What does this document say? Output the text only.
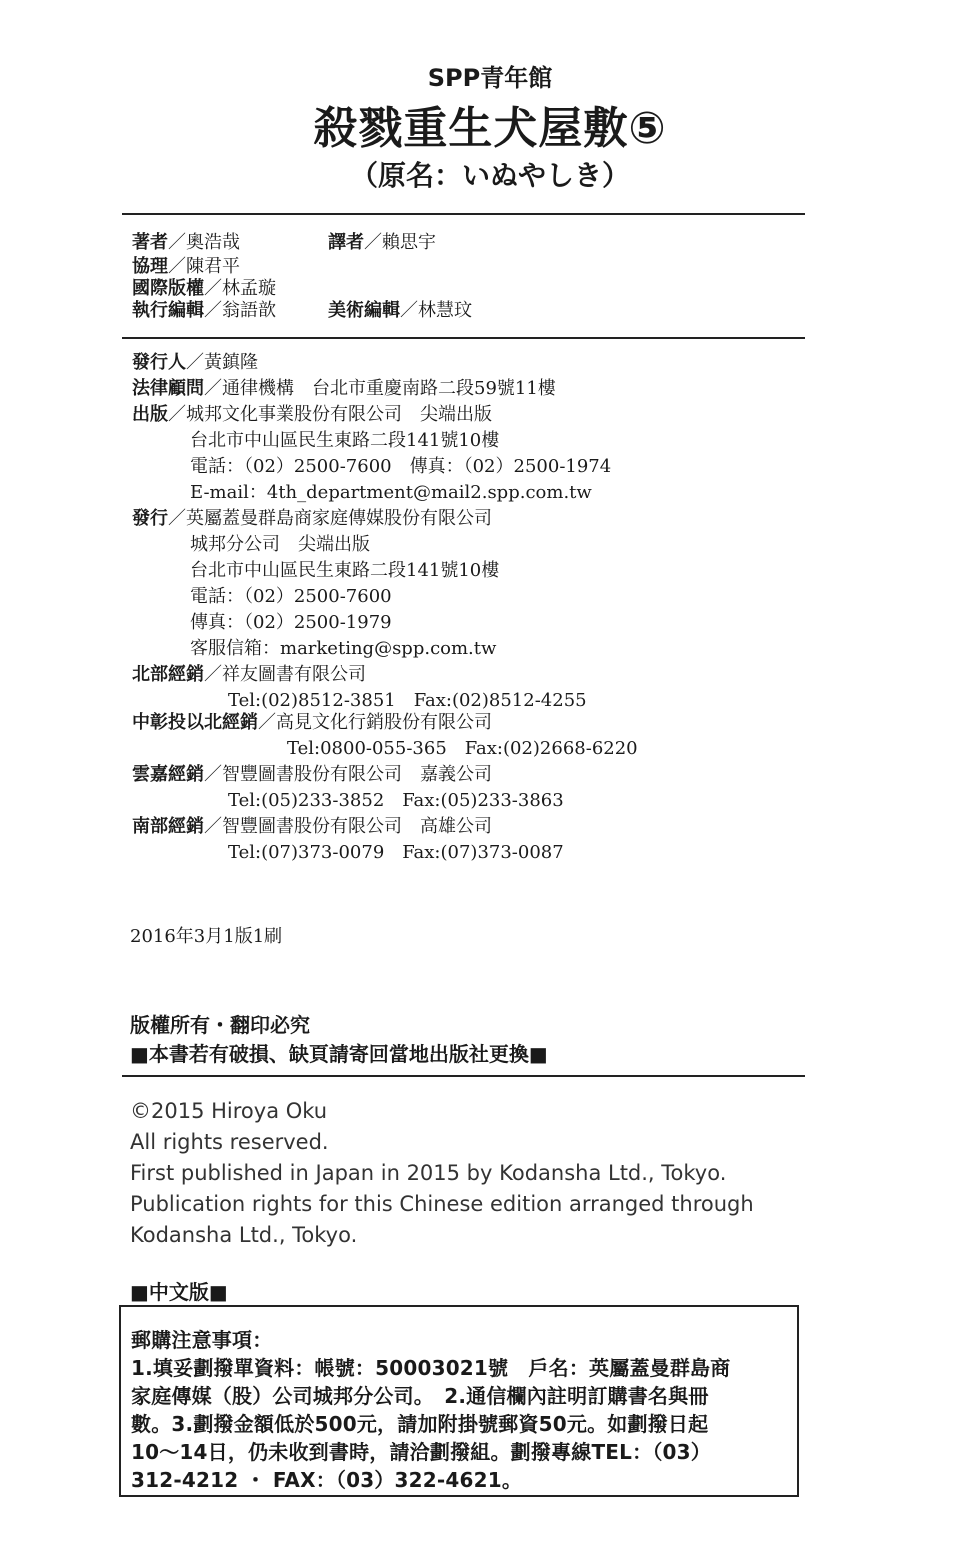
SPP青年館
殺戮重生犬屋敷⑤
（原名：いぬやしき）
著者／奧浩哉	譯者／賴思宇
協理／陳君平
國際版權／林孟璇
執行編輯／翁語歆	美術編輯／林慧玟
發行人／黃鎮隆
法律顧問／通律機構　台北市重慶南路二段59號11樓
出版／城邦文化事業股份有限公司　尖端出版
台北市中山區民生東路二段141號10樓
電話：（02）2500-7600　傳真：（02）2500-1974
E-mail：4th_department@mail2.spp.com.tw
發行／英屬蓋曼群島商家庭傳媒股份有限公司
城邦分公司　尖端出版
台北市中山區民生東路二段141號10樓
電話：（02）2500-7600
傳真：（02）2500-1979
客服信箱：marketing@spp.com.tw
北部經銷／祥友圖書有限公司
Tel:(02)8512-3851　Fax:(02)8512-4255
中彰投以北經銷／高見文化行銷股份有限公司
Tel:0800-055-365　Fax:(02)2668-6220
雲嘉經銷／智豐圖書股份有限公司　嘉義公司
Tel:(05)233-3852　Fax:(05)233-3863
南部經銷／智豐圖書股份有限公司　高雄公司
Tel:(07)373-0079　Fax:(07)373-0087
2016年3月1版1刷
版權所有・翻印必究
■本書若有破損、缺頁請寄回當地出版社更換■
©2015 Hiroya Oku
All rights reserved.
First published in Japan in 2015 by Kodansha Ltd., Tokyo.
Publication rights for this Chinese edition arranged through
Kodansha Ltd., Tokyo.
■中文版■
郵購注意事項：
1.填妥劃撥單資料：帳號：50003021號　戶名：英屬蓋曼群島商
家庭傳媒（股）公司城邦分公司。　2.通信欄內註明訂購書名與冊
數。3.劃撥金額低於500元，請加附掛號郵資50元。如劃撥日起
10〜14日，仍未收到書時，請洽劃撥組。劃撥專線TEL：（03）
312-4212 ・ FAX：（03）322-4621。
